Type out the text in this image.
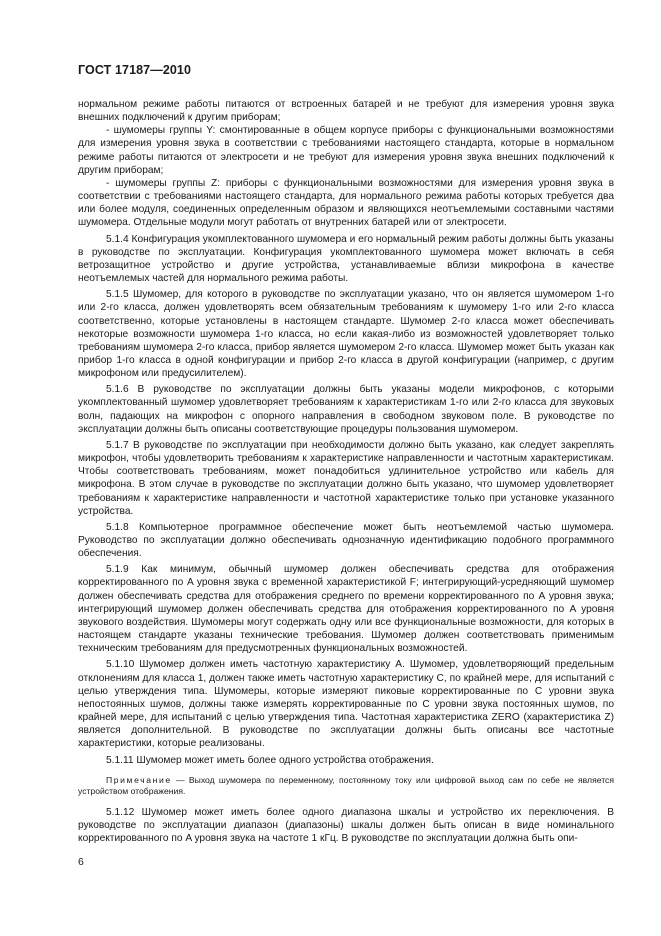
ГОСТ 17187—2010

нормальном режиме работы питаются от встроенных батарей и не требуют для измерения уровня звука внешних подключений к другим приборам;

- шумомеры группы Y: смонтированные в общем корпусе приборы с функциональными возможностями для измерения уровня звука в соответствии с требованиями настоящего стандарта, которые в нормальном режиме работы питаются от электросети и не требуют для измерения уровня звука внешних подключений к другим приборам;

- шумомеры группы Z: приборы с функциональными возможностями для измерения уровня звука в соответствии с требованиями настоящего стандарта, для нормального режима работы которых требуется два или более модуля, соединенных определенным образом и являющихся неотъемлемыми составными частями шумомера. Отдельные модули могут работать от внутренних батарей или от электросети.

5.1.4 Конфигурация укомплектованного шумомера и его нормальный режим работы должны быть указаны в руководстве по эксплуатации. Конфигурация укомплектованного шумомера может включать в себя ветрозащитное устройство и другие устройства, устанавливаемые вблизи микрофона в качестве неотъемлемых частей для нормального режима работы.

5.1.5 Шумомер, для которого в руководстве по эксплуатации указано, что он является шумомером 1-го или 2-го класса, должен удовлетворять всем обязательным требованиям к шумомеру 1-го или 2-го класса соответственно, которые установлены в настоящем стандарте. Шумомер 2-го класса может обеспечивать некоторые возможности шумомера 1-го класса, но если какая-либо из возможностей удовлетворяет только требованиям шумомера 2-го класса, прибор является шумомером 2-го класса. Шумомер может быть указан как прибор 1-го класса в одной конфигурации и прибор 2-го класса в другой конфигурации (например, с другим микрофоном или предусилителем).

5.1.6 В руководстве по эксплуатации должны быть указаны модели микрофонов, с которыми укомплектованный шумомер удовлетворяет требованиям к характеристикам 1-го или 2-го класса для звуковых волн, падающих на микрофон с опорного направления в свободном звуковом поле. В руководстве по эксплуатации должны быть описаны соответствующие процедуры пользования шумомером.

5.1.7 В руководстве по эксплуатации при необходимости должно быть указано, как следует закреплять микрофон, чтобы удовлетворить требованиям к характеристике направленности и частотным характеристикам. Чтобы соответствовать требованиям, может понадобиться удлинительное устройство или кабель для микрофона. В этом случае в руководстве по эксплуатации должно быть указано, что шумомер удовлетворяет требованиям к характеристике направленности и частотной характеристике только при установке указанного устройства.

5.1.8 Компьютерное программное обеспечение может быть неотъемлемой частью шумомера. Руководство по эксплуатации должно обеспечивать однозначную идентификацию подобного программного обеспечения.

5.1.9 Как минимум, обычный шумомер должен обеспечивать средства для отображения корректированного по A уровня звука с временной характеристикой F; интегрирующий-усредняющий шумомер должен обеспечивать средства для отображения среднего по времени корректированного по A уровня звука; интегрирующий шумомер должен обеспечивать средства для отображения корректированного по A уровня звукового воздействия. Шумомеры могут содержать одну или все функциональные возможности, для которых в настоящем стандарте указаны технические требования. Шумомер должен соответствовать применимым техническим требованиям для предусмотренных функциональных возможностей.

5.1.10 Шумомер должен иметь частотную характеристику A. Шумомер, удовлетворяющий предельным отклонениям для класса 1, должен также иметь частотную характеристику C, по крайней мере, для испытаний с целью утверждения типа. Шумомеры, которые измеряют пиковые корректированные по C уровни звука непостоянных шумов, должны также измерять корректированные по C уровни звука постоянных шумов, по крайней мере, для испытаний с целью утверждения типа. Частотная характеристика ZERO (характеристика Z) является дополнительной. В руководстве по эксплуатации должны быть описаны все частотные характеристики, которые реализованы.

5.1.11 Шумомер может иметь более одного устройства отображения.

Примечание — Выход шумомера по переменному, постоянному току или цифровой выход сам по себе не является устройством отображения.

5.1.12 Шумомер может иметь более одного диапазона шкалы и устройство их переключения. В руководстве по эксплуатации диапазон (диапазоны) шкалы должен быть описан в виде номинального корректированного по A уровня звука на частоте 1 кГц. В руководстве по эксплуатации должна быть опи-

6
